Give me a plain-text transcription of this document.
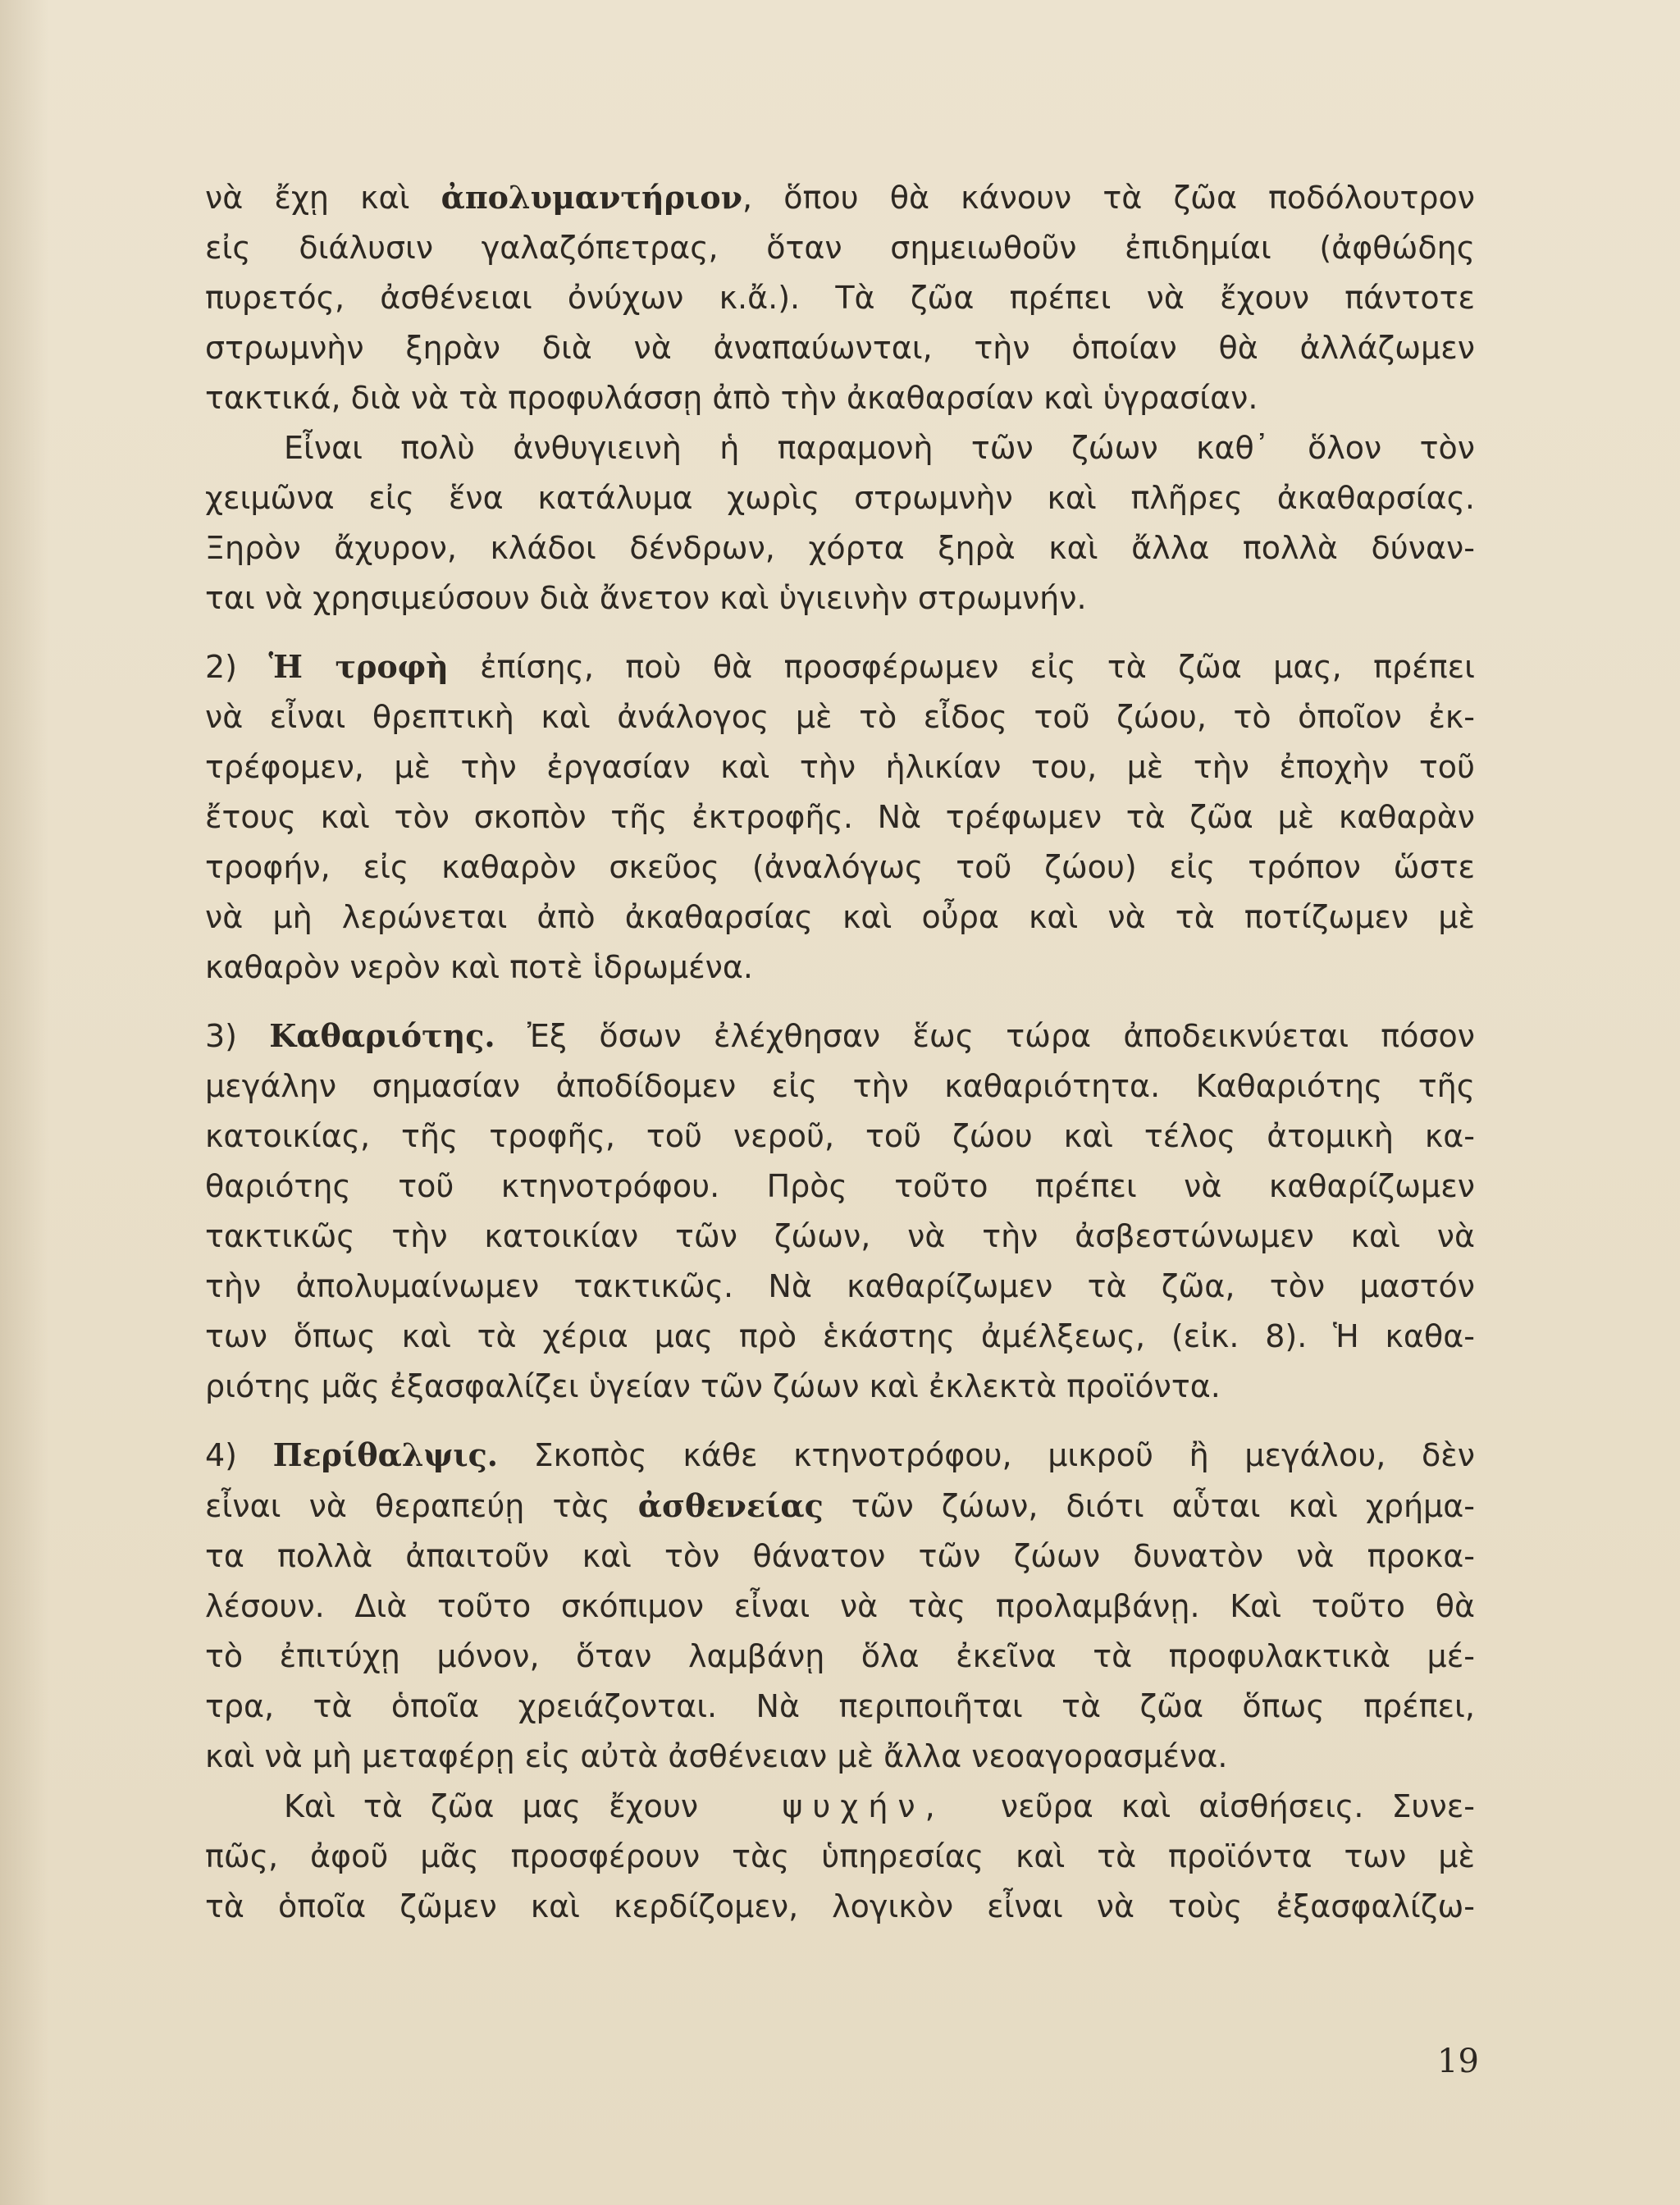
νὰ ἔχῃ καὶ ἀπολυμαντήριον, ὅπου θὰ κάνουν τὰ ζῶα ποδόλουτρον
εἰς διάλυσιν γαλαζόπετρας, ὅταν σημειωθοῦν ἐπιδημίαι (ἀφθώδης
πυρετός, ἀσθένειαι ὀνύχων κ.ἄ.). Τὰ ζῶα πρέπει νὰ ἔχουν πάντοτε
στρωμνὴν ξηρὰν διὰ νὰ ἀναπαύωνται, τὴν ὁποίαν θὰ ἀλλάζωμεν
τακτικά, διὰ νὰ τὰ προφυλάσσῃ ἀπὸ τὴν ἀκαθαρσίαν καὶ ὑγρασίαν.
Εἶναι πολὺ ἀνθυγιεινὴ ἡ παραμονὴ τῶν ζώων καθ᾽ ὅλον τὸν
χειμῶνα εἰς ἕνα κατάλυμα χωρὶς στρωμνὴν καὶ πλῆρες ἀκαθαρσίας.
Ξηρὸν ἄχυρον, κλάδοι δένδρων, χόρτα ξηρὰ καὶ ἄλλα πολλὰ δύναν-
ται νὰ χρησιμεύσουν διὰ ἄνετον καὶ ὑγιεινὴν στρωμνήν.
2) Ἡ τροφὴ ἐπίσης, ποὺ θὰ προσφέρωμεν εἰς τὰ ζῶα μας, πρέπει
νὰ εἶναι θρεπτικὴ καὶ ἀνάλογος μὲ τὸ εἶδος τοῦ ζώου, τὸ ὁποῖον ἐκ-
τρέφομεν, μὲ τὴν ἐργασίαν καὶ τὴν ἡλικίαν του, μὲ τὴν ἐποχὴν τοῦ
ἔτους καὶ τὸν σκοπὸν τῆς ἐκτροφῆς. Νὰ τρέφωμεν τὰ ζῶα μὲ καθαρὰν
τροφήν, εἰς καθαρὸν σκεῦος (ἀναλόγως τοῦ ζώου) εἰς τρόπον ὥστε
νὰ μὴ λερώνεται ἀπὸ ἀκαθαρσίας καὶ οὖρα καὶ νὰ τὰ ποτίζωμεν μὲ
καθαρὸν νερὸν καὶ ποτὲ ἱδρωμένα.
3) Καθαριότης. Ἐξ ὅσων ἐλέχθησαν ἕως τώρα ἀποδεικνύεται πόσον
μεγάλην σημασίαν ἀποδίδομεν εἰς τὴν καθαριότητα. Καθαριότης τῆς
κατοικίας, τῆς τροφῆς, τοῦ νεροῦ, τοῦ ζώου καὶ τέλος ἀτομικὴ κα-
θαριότης τοῦ κτηνοτρόφου. Πρὸς τοῦτο πρέπει νὰ καθαρίζωμεν
τακτικῶς τὴν κατοικίαν τῶν ζώων, νὰ τὴν ἀσβεστώνωμεν καὶ νὰ
τὴν ἀπολυμαίνωμεν τακτικῶς. Νὰ καθαρίζωμεν τὰ ζῶα, τὸν μαστόν
των ὅπως καὶ τὰ χέρια μας πρὸ ἑκάστης ἀμέλξεως, (εἰκ. 8). Ἡ καθα-
ριότης μᾶς ἐξασφαλίζει ὑγείαν τῶν ζώων καὶ ἐκλεκτὰ προϊόντα.
4) Περίθαλψις. Σκοπὸς κάθε κτηνοτρόφου, μικροῦ ἢ μεγάλου, δὲν
εἶναι νὰ θεραπεύῃ τὰς ἀσθενείας τῶν ζώων, διότι αὗται καὶ χρήμα-
τα πολλὰ ἀπαιτοῦν καὶ τὸν θάνατον τῶν ζώων δυνατὸν νὰ προκα-
λέσουν. Διὰ τοῦτο σκόπιμον εἶναι νὰ τὰς προλαμβάνῃ. Καὶ τοῦτο θὰ
τὸ ἐπιτύχῃ μόνον, ὅταν λαμβάνῃ ὅλα ἐκεῖνα τὰ προφυλακτικὰ μέ-
τρα, τὰ ὁποῖα χρειάζονται. Νὰ περιποιῆται τὰ ζῶα ὅπως πρέπει,
καὶ νὰ μὴ μεταφέρῃ εἰς αὐτὰ ἀσθένειαν μὲ ἄλλα νεοαγορασμένα.
Καὶ τὰ ζῶα μας ἔχουν	ψυχήν, νεῦρα καὶ αἰσθήσεις. Συνε-
πῶς, ἀφοῦ μᾶς προσφέρουν τὰς ὑπηρεσίας καὶ τὰ προϊόντα των μὲ
τὰ ὁποῖα ζῶμεν καὶ κερδίζομεν, λογικὸν εἶναι νὰ τοὺς ἐξασφαλίζω-
19
